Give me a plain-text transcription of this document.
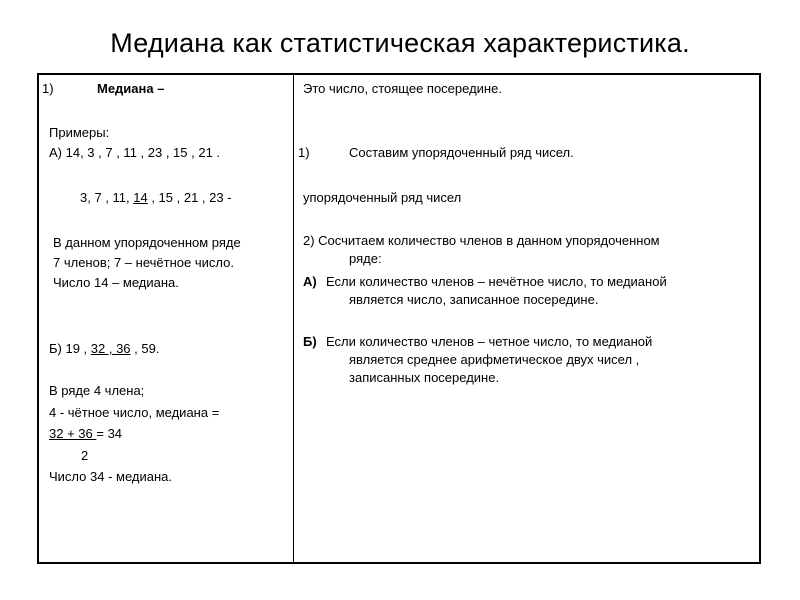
Медиана как статистическая характеристика.
1)	Медиана –
Примеры:
А) 14, 3 , 7 , 11 , 23 , 15 , 21 .
3, 7 , 11, 14 , 15 , 21 , 23 -
В данном упорядоченном ряде
7 членов; 7 – нечётное число.
Число 14 – медиана.
Б) 19 , 32 , 36 , 59.
В ряде 4 члена;
4 - чётное число, медиана =
32 + 36 = 34
2
Число 34 - медиана.
Это число, стоящее посередине.
1)	Составим упорядоченный ряд чисел.
упорядоченный ряд чисел
2) Сосчитаем количество членов в данном упорядоченном
ряде:
А) Если количество членов – нечётное число, то медианой
является число, записанное посередине.
Б) Если количество членов – четное число, то медианой
является среднее арифметическое двух чисел ,
записанных посередине.
